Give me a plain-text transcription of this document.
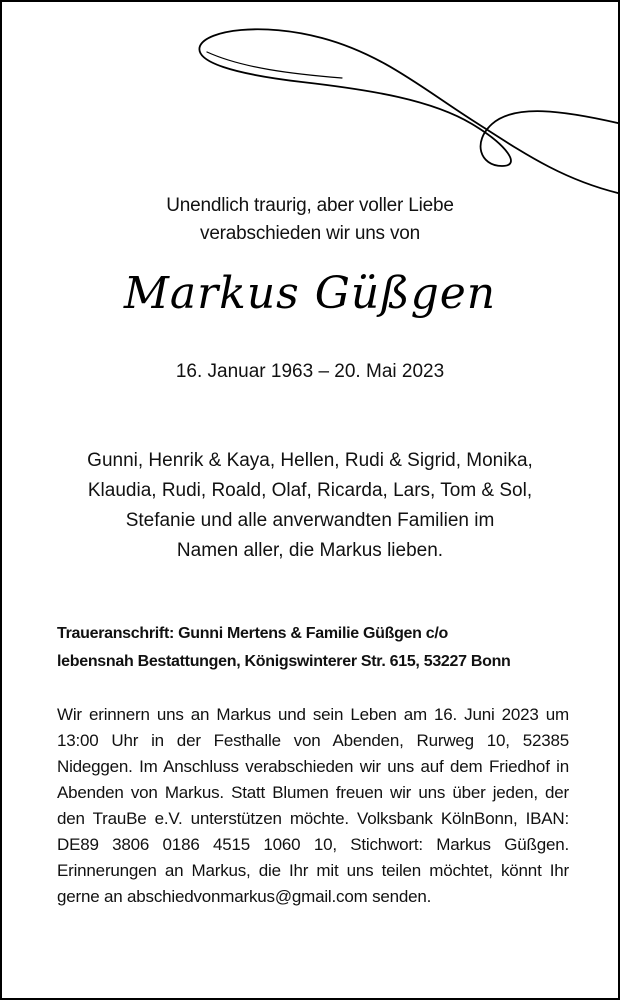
Unendlich traurig, aber voller Liebe
verabschieden wir uns von
Markus Güßgen
16. Januar 1963 – 20. Mai 2023
Gunni, Henrik & Kaya, Hellen, Rudi & Sigrid, Monika,
Klaudia, Rudi, Roald, Olaf, Ricarda, Lars, Tom & Sol,
Stefanie und alle anverwandten Familien im
Namen aller, die Markus lieben.
Traueranschrift: Gunni Mertens & Familie Güßgen c/o
lebensnah Bestattungen, Königswinterer Str. 615, 53227 Bonn
Wir erinnern uns an Markus und sein Leben am 16. Juni 2023 um 13:00 Uhr in der Festhalle von Abenden, Rurweg 10, 52385 Nideggen. Im Anschluss verabschieden wir uns auf dem Friedhof in Abenden von Markus. Statt Blumen freuen wir uns über jeden, der den TrauBe e.V. unterstützen möchte. Volksbank KölnBonn, IBAN: DE89 3806 0186 4515 1060 10, Stichwort: Markus Güßgen. Erinnerungen an Markus, die Ihr mit uns teilen möchtet, könnt Ihr gerne an abschiedvonmarkus@gmail.com senden.
